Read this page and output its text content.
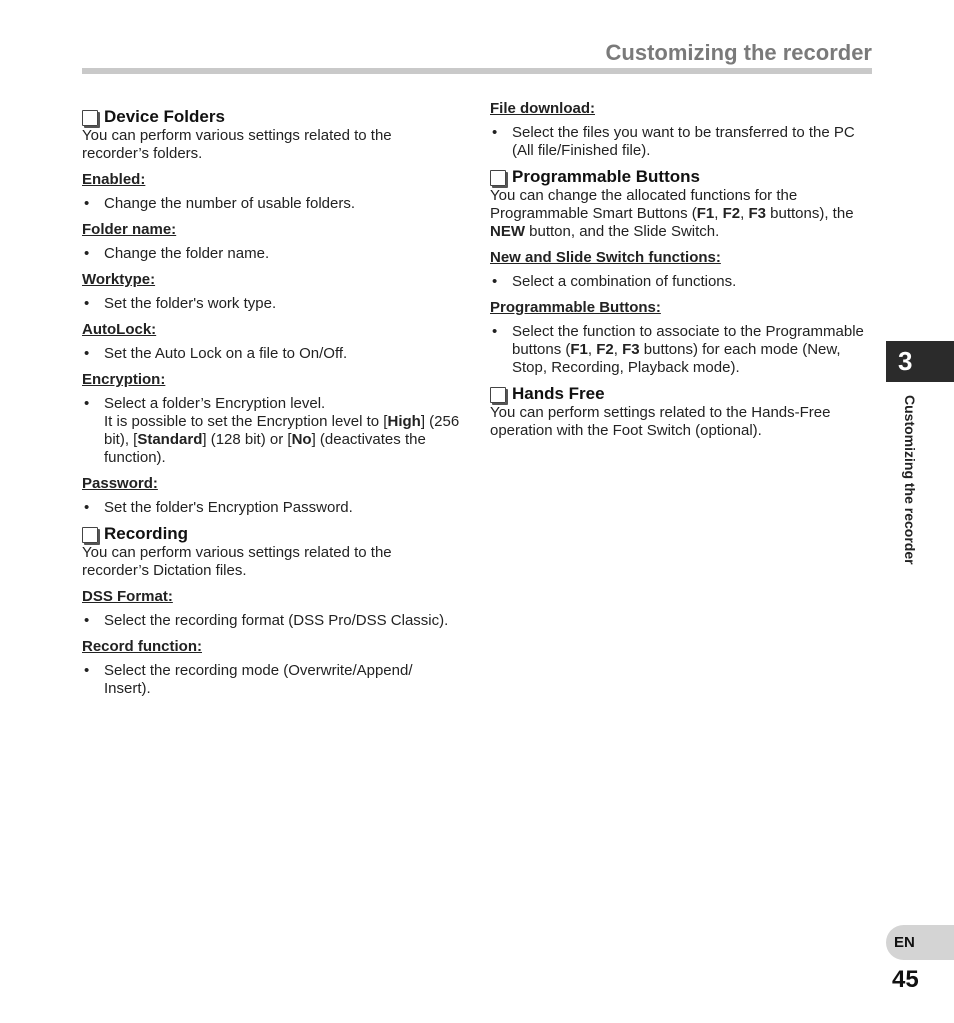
Customizing the recorder
Device Folders

You can perform various settings related to the recorder’s folders.

Enabled:
• Change the number of usable folders.
Folder name:
• Change the folder name.
Worktype:
• Set the folder's work type.
AutoLock:
• Set the Auto Lock on a file to On/Off.
Encryption:
• Select a folder’s Encryption level.
It is possible to set the Encryption level to [High] (256 bit), [Standard] (128 bit) or [No] (deactivates the function).
Password:
• Set the folder's Encryption Password.
Recording

You can perform various settings related to the recorder’s Dictation files.

DSS Format:
• Select the recording format (DSS Pro/DSS Classic).
Record function:
• Select the recording mode (Overwrite/Append/ Insert).
File download:
• Select the files you want to be transferred to the PC (All file/Finished file).
Programmable Buttons

You can change the allocated functions for the Programmable Smart Buttons (F1, F2, F3 buttons), the NEW button, and the Slide Switch.

New and Slide Switch functions:
• Select a combination of functions.
Programmable Buttons:
• Select the function to associate to the Programmable buttons (F1, F2, F3 buttons) for each mode (New, Stop, Recording, Playback mode).
Hands Free

You can perform settings related to the Hands-Free operation with the Foot Switch (optional).

3
Customizing the recorder
EN
45
